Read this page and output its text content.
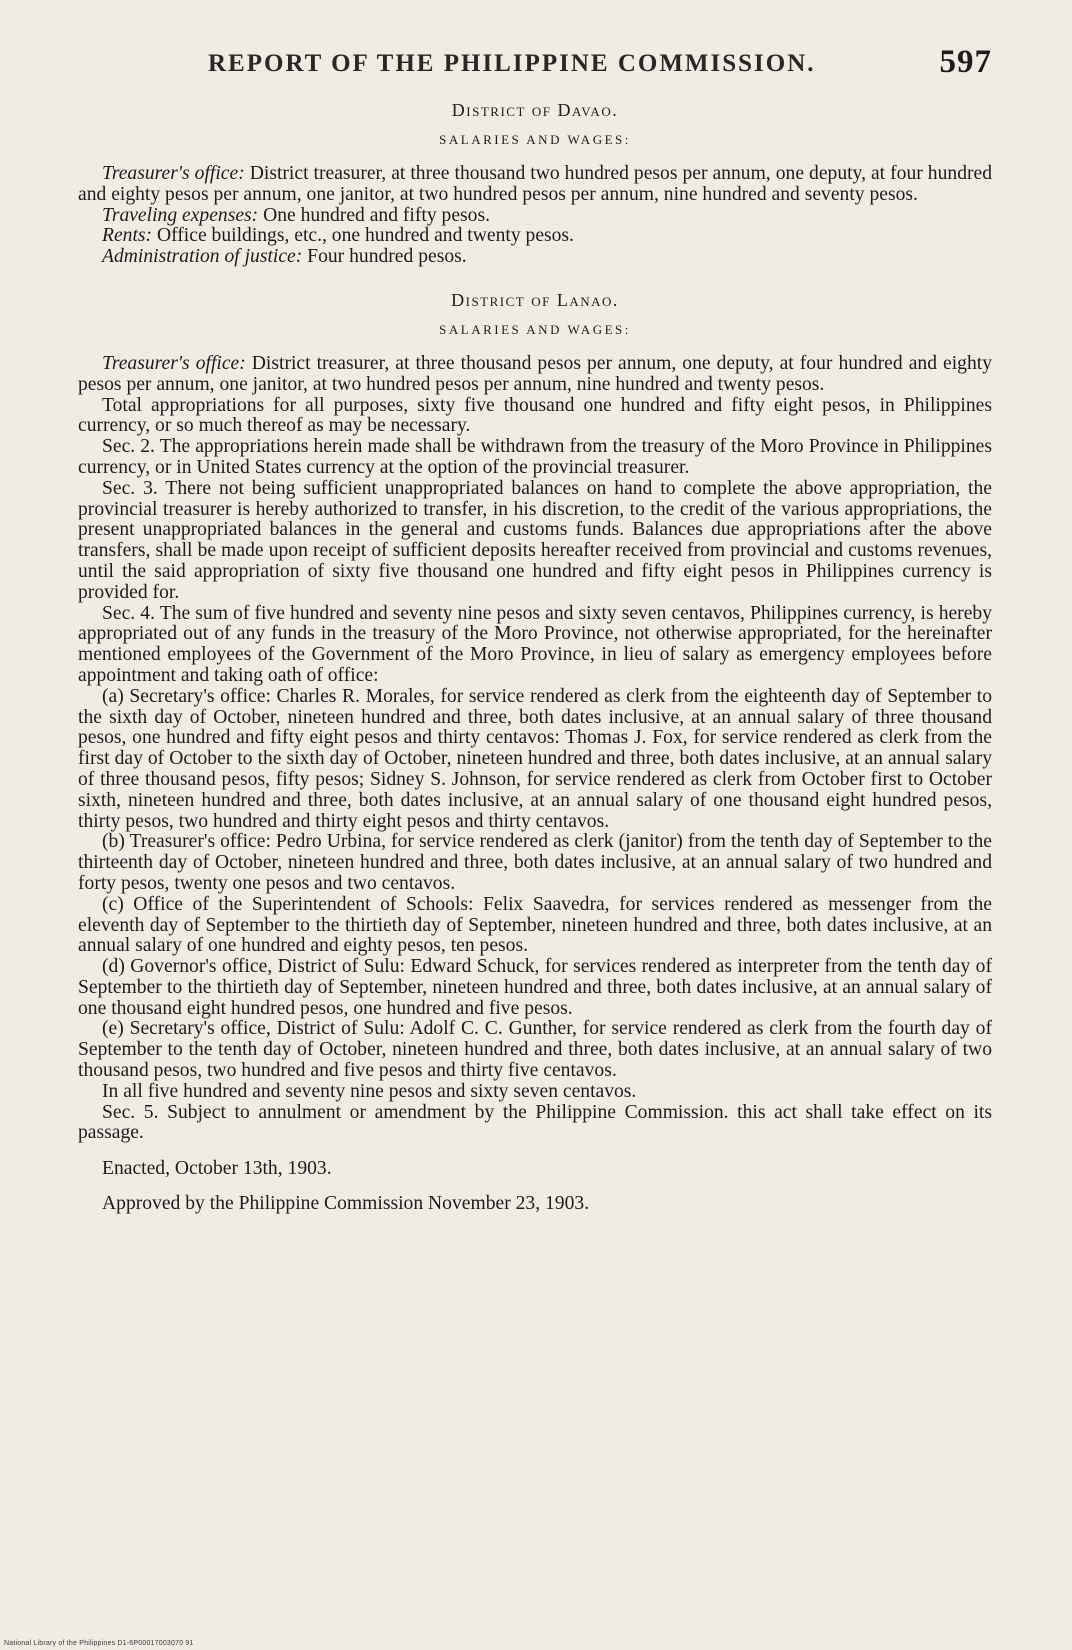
REPORT OF THE PHILIPPINE COMMISSION.	597
District of Davao.
SALARIES AND WAGES:

Treasurer's office: District treasurer, at three thousand two hundred pesos per annum, one deputy, at four hundred and eighty pesos per annum, one janitor, at two hundred pesos per annum, nine hundred and seventy pesos.

Traveling expenses: One hundred and fifty pesos.

Rents: Office buildings, etc., one hundred and twenty pesos.

Administration of justice: Four hundred pesos.

District of Lanao.
SALARIES AND WAGES:

Treasurer's office: District treasurer, at three thousand pesos per annum, one deputy, at four hundred and eighty pesos per annum, one janitor, at two hundred pesos per annum, nine hundred and twenty pesos.

Total appropriations for all purposes, sixty five thousand one hundred and fifty eight pesos, in Philippines currency, or so much thereof as may be necessary.

Sec. 2. The appropriations herein made shall be withdrawn from the treasury of the Moro Province in Philippines currency, or in United States currency at the option of the provincial treasurer.

Sec. 3. There not being sufficient unappropriated balances on hand to complete the above appropriation, the provincial treasurer is hereby authorized to transfer, in his discretion, to the credit of the various appropriations, the present unappropriated balances in the general and customs funds. Balances due appropriations after the above transfers, shall be made upon receipt of sufficient deposits hereafter received from provincial and customs revenues, until the said appropriation of sixty five thousand one hundred and fifty eight pesos in Philippines currency is provided for.

Sec. 4. The sum of five hundred and seventy nine pesos and sixty seven centavos, Philippines currency, is hereby appropriated out of any funds in the treasury of the Moro Province, not otherwise appropriated, for the hereinafter mentioned employees of the Government of the Moro Province, in lieu of salary as emergency employees before appointment and taking oath of office:

(a) Secretary's office: Charles R. Morales, for service rendered as clerk from the eighteenth day of September to the sixth day of October, nineteen hundred and three, both dates inclusive, at an annual salary of three thousand pesos, one hundred and fifty eight pesos and thirty centavos: Thomas J. Fox, for service rendered as clerk from the first day of October to the sixth day of October, nineteen hundred and three, both dates inclusive, at an annual salary of three thousand pesos, fifty pesos; Sidney S. Johnson, for service rendered as clerk from October first to October sixth, nineteen hundred and three, both dates inclusive, at an annual salary of one thousand eight hundred pesos, thirty pesos, two hundred and thirty eight pesos and thirty centavos.

(b) Treasurer's office: Pedro Urbina, for service rendered as clerk (janitor) from the tenth day of September to the thirteenth day of October, nineteen hundred and three, both dates inclusive, at an annual salary of two hundred and forty pesos, twenty one pesos and two centavos.

(c) Office of the Superintendent of Schools: Felix Saavedra, for services rendered as messenger from the eleventh day of September to the thirtieth day of September, nineteen hundred and three, both dates inclusive, at an annual salary of one hundred and eighty pesos, ten pesos.

(d) Governor's office, District of Sulu: Edward Schuck, for services rendered as interpreter from the tenth day of September to the thirtieth day of September, nineteen hundred and three, both dates inclusive, at an annual salary of one thousand eight hundred pesos, one hundred and five pesos.

(e) Secretary's office, District of Sulu: Adolf C. C. Gunther, for service rendered as clerk from the fourth day of September to the tenth day of October, nineteen hundred and three, both dates inclusive, at an annual salary of two thousand pesos, two hundred and five pesos and thirty five centavos.

In all five hundred and seventy nine pesos and sixty seven centavos.

Sec. 5. Subject to annulment or amendment by the Philippine Commission. this act shall take effect on its passage.

Enacted, October 13th, 1903.
Approved by the Philippine Commission November 23, 1903.
National Library of the Philippines D1-6P00017003070 91
